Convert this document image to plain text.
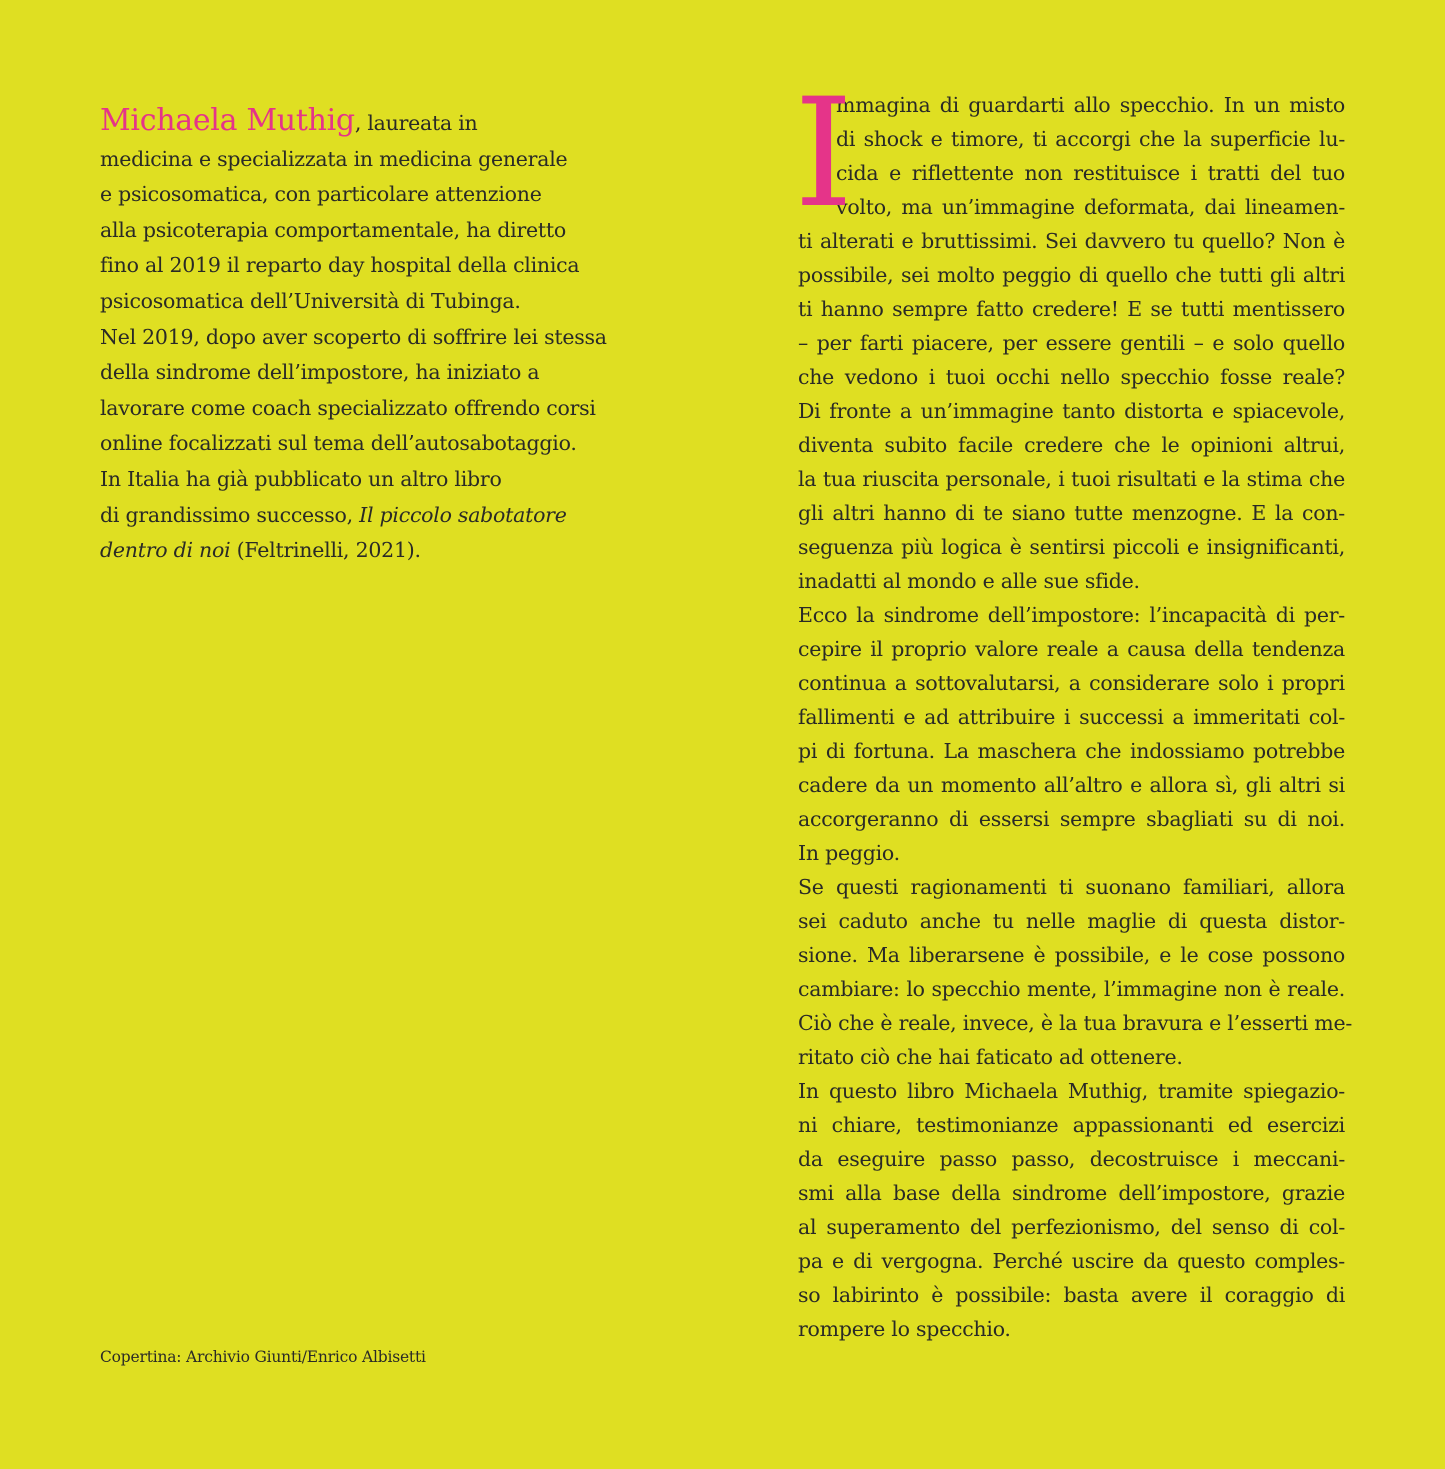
Michaela Muthig, laureata in
medicina e specializzata in medicina generale
e psicosomatica, con particolare attenzione
alla psicoterapia comportamentale, ha diretto
fino al 2019 il reparto day hospital della clinica
psicosomatica dell’Università di Tubinga.
Nel 2019, dopo aver scoperto di soffrire lei stessa
della sindrome dell’impostore, ha iniziato a
lavorare come coach specializzato offrendo corsi
online focalizzati sul tema dell’autosabotaggio.
In Italia ha già pubblicato un altro libro
di grandissimo successo, Il piccolo sabotatore
dentro di noi (Feltrinelli, 2021).
I
mmagina di guardarti allo specchio. In un misto
di shock e timore, ti accorgi che la superficie lu-
cida e riflettente non restituisce i tratti del tuo
volto, ma un’immagine deformata, dai lineamen-
ti alterati e bruttissimi. Sei davvero tu quello? Non è
possibile, sei molto peggio di quello che tutti gli altri
ti hanno sempre fatto credere! E se tutti mentissero
– per farti piacere, per essere gentili – e solo quello
che vedono i tuoi occhi nello specchio fosse reale?
Di fronte a un’immagine tanto distorta e spiacevole,
diventa subito facile credere che le opinioni altrui,
la tua riuscita personale, i tuoi risultati e la stima che
gli altri hanno di te siano tutte menzogne. E la con-
seguenza più logica è sentirsi piccoli e insignificanti,
inadatti al mondo e alle sue sfide.
Ecco la sindrome dell’impostore: l’incapacità di per-
cepire il proprio valore reale a causa della tendenza
continua a sottovalutarsi, a considerare solo i propri
fallimenti e ad attribuire i successi a immeritati col-
pi di fortuna. La maschera che indossiamo potrebbe
cadere da un momento all’altro e allora sì, gli altri si
accorgeranno di essersi sempre sbagliati su di noi.
In peggio.
Se questi ragionamenti ti suonano familiari, allora
sei caduto anche tu nelle maglie di questa distor-
sione. Ma liberarsene è possibile, e le cose possono
cambiare: lo specchio mente, l’immagine non è reale.
Ciò che è reale, invece, è la tua bravura e l’esserti me-
ritato ciò che hai faticato ad ottenere.
In questo libro Michaela Muthig, tramite spiegazio-
ni chiare, testimonianze appassionanti ed esercizi
da eseguire passo passo, decostruisce i meccani-
smi alla base della sindrome dell’impostore, grazie
al superamento del perfezionismo, del senso di col-
pa e di vergogna. Perché uscire da questo comples-
so labirinto è possibile: basta avere il coraggio di
rompere lo specchio.
Copertina: Archivio Giunti/Enrico Albisetti
